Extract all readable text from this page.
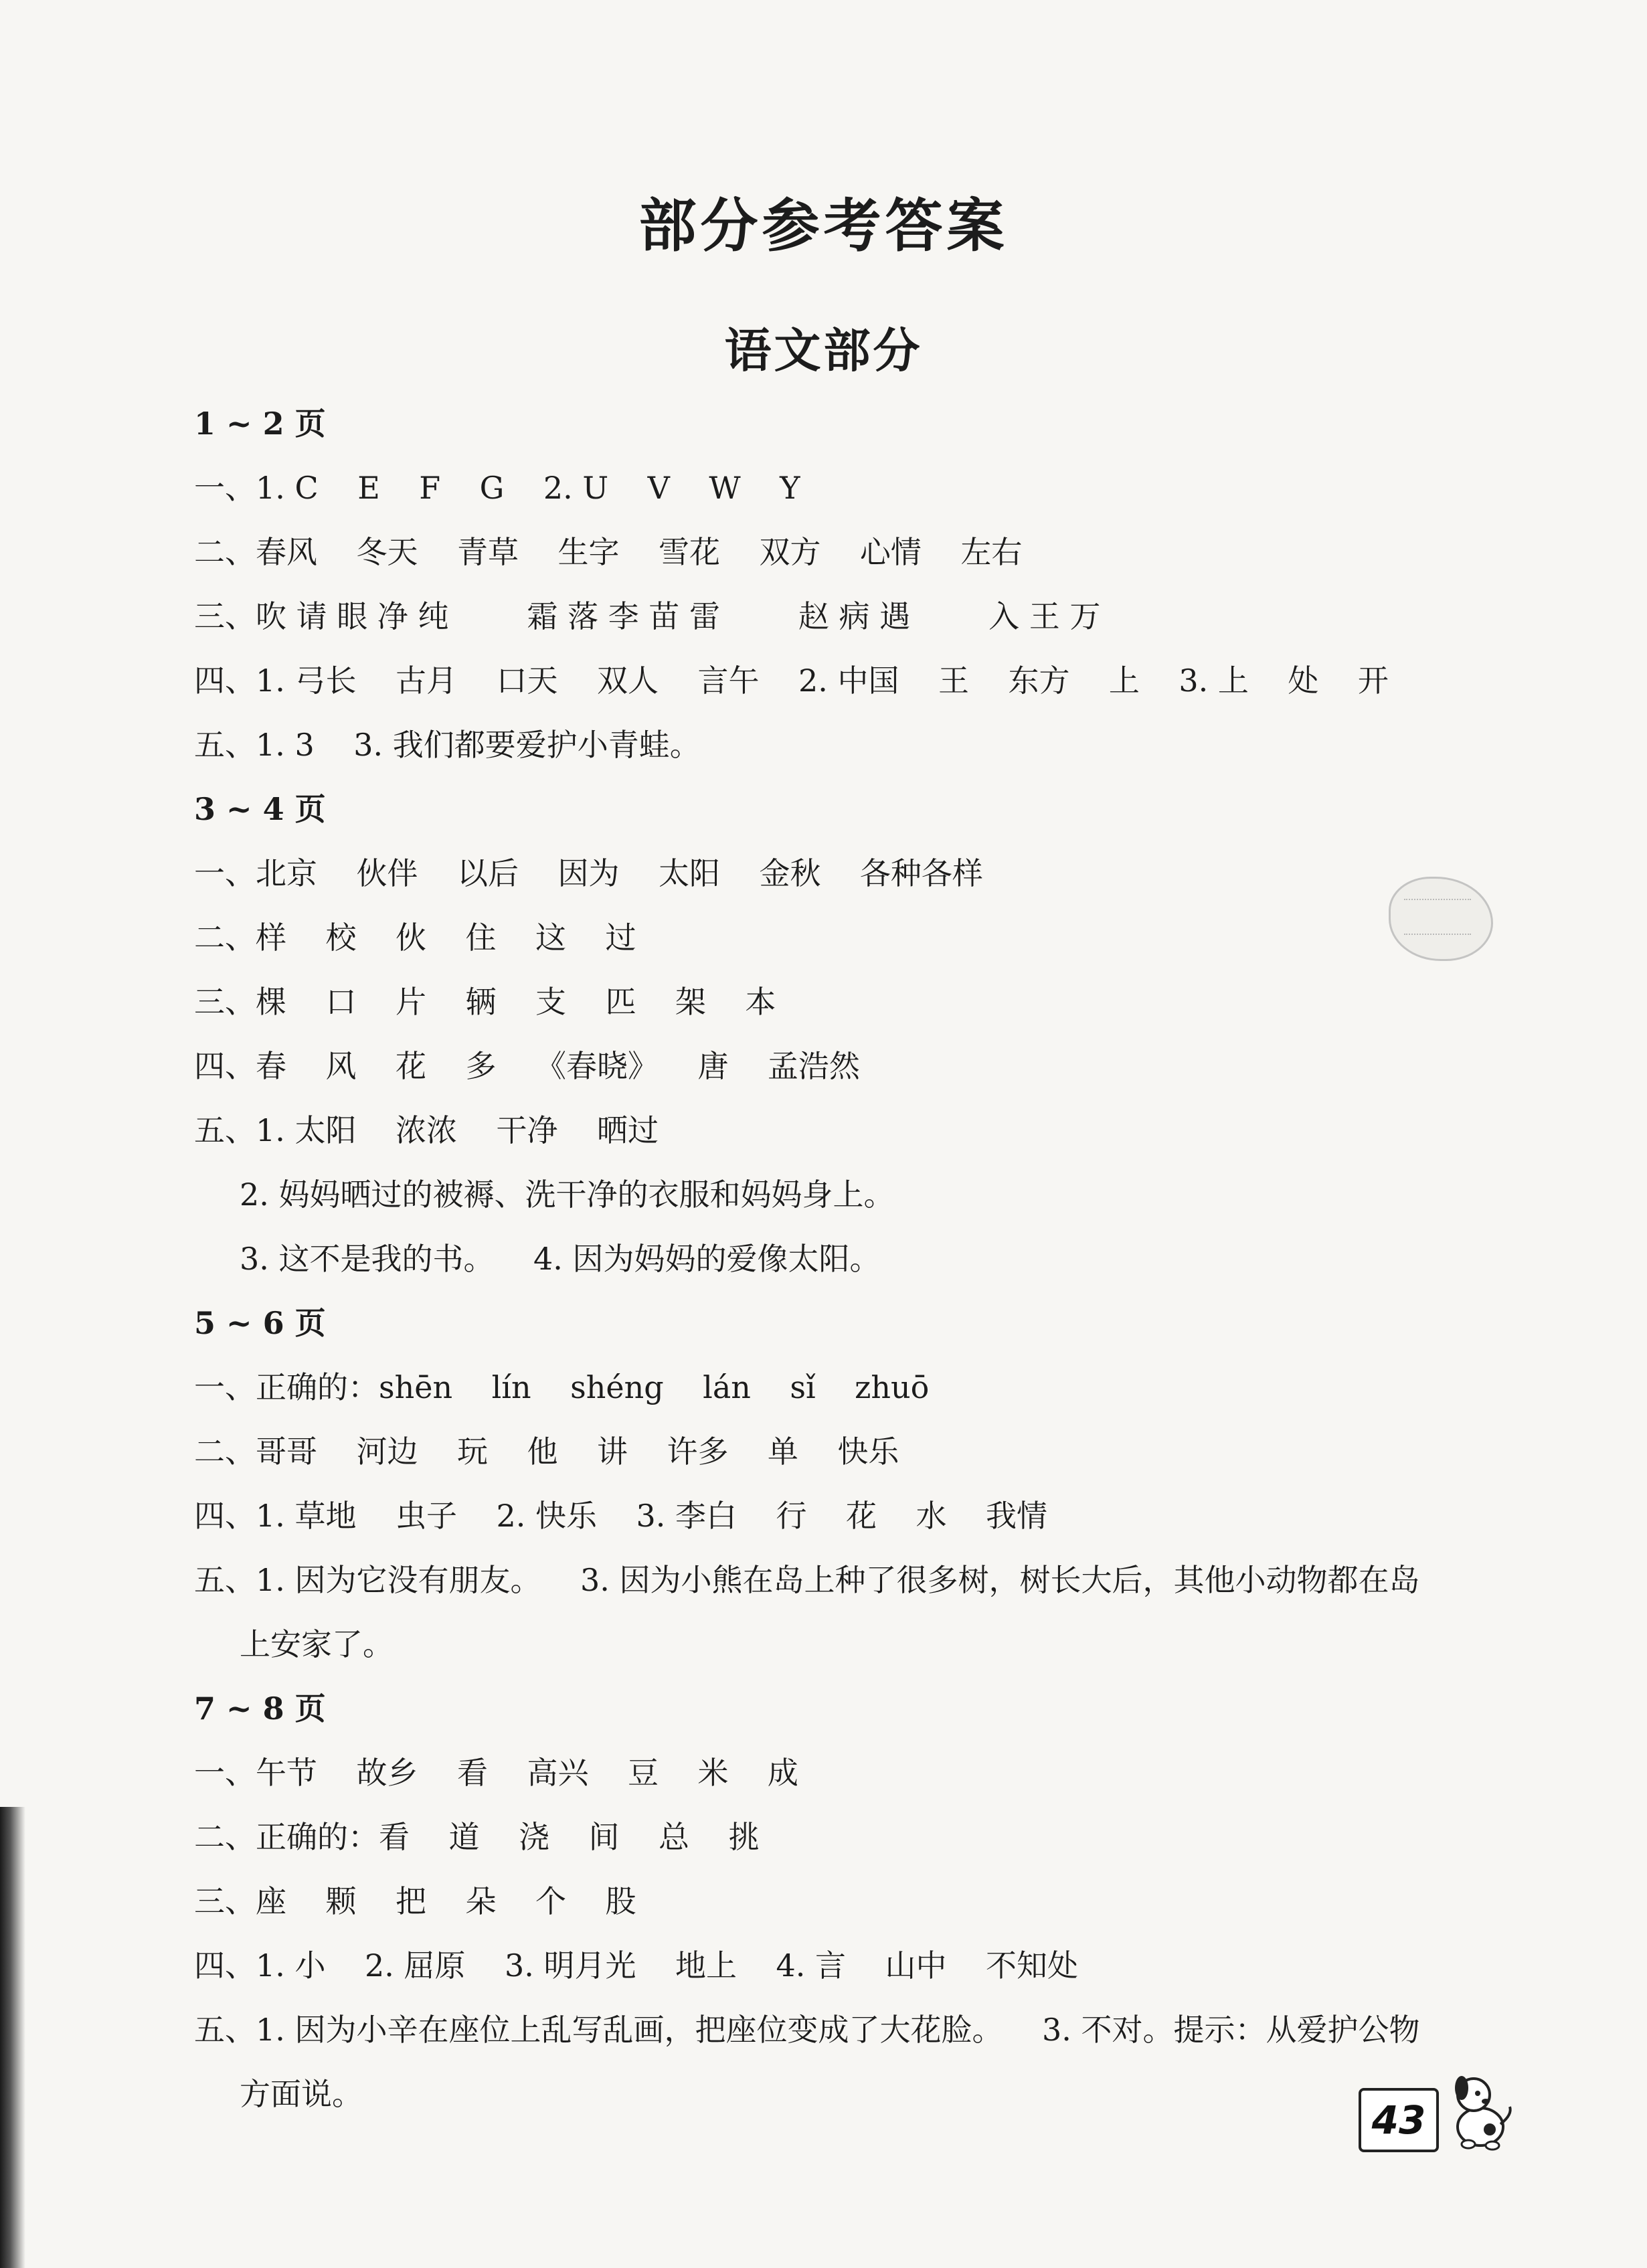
部分参考答案
语文部分
1 ~ 2 页
一、1. C    E    F    G    2. U    V    W    Y
二、春风    冬天    青草    生字    雪花    双方    心情    左右
三、吹 请 眼 净 纯        霜 落 李 苗 雷        赵 病 遇        入 王 万
四、1. 弓长    古月    口天    双人    言午    2. 中国    王    东方    上    3. 上    处    开
五、1. 3    3. 我们都要爱护小青蛙。
3 ~ 4 页
一、北京    伙伴    以后    因为    太阳    金秋    各种各样
二、样    校    伙    住    这    过
三、棵    口    片    辆    支    匹    架    本
四、春    风    花    多    《春晓》    唐    孟浩然
五、1. 太阳    浓浓    干净    晒过
2. 妈妈晒过的被褥、洗干净的衣服和妈妈身上。
3. 这不是我的书。    4. 因为妈妈的爱像太阳。
5 ~ 6 页
一、正确的：shēn    lín    shéng    lán    sǐ    zhuō
二、哥哥    河边    玩    他    讲    许多    单    快乐
四、1. 草地    虫子    2. 快乐    3. 李白    行    花    水    我情
五、1. 因为它没有朋友。    3. 因为小熊在岛上种了很多树，树长大后，其他小动物都在岛
上安家了。
7 ~ 8 页
一、午节    故乡    看    高兴    豆    米    成
二、正确的：看    道    浇    间    总    挑
三、座    颗    把    朵    个    股
四、1. 小    2. 屈原    3. 明月光    地上    4. 言    山中    不知处
五、1. 因为小辛在座位上乱写乱画，把座位变成了大花脸。    3. 不对。提示：从爱护公物
方面说。
43
